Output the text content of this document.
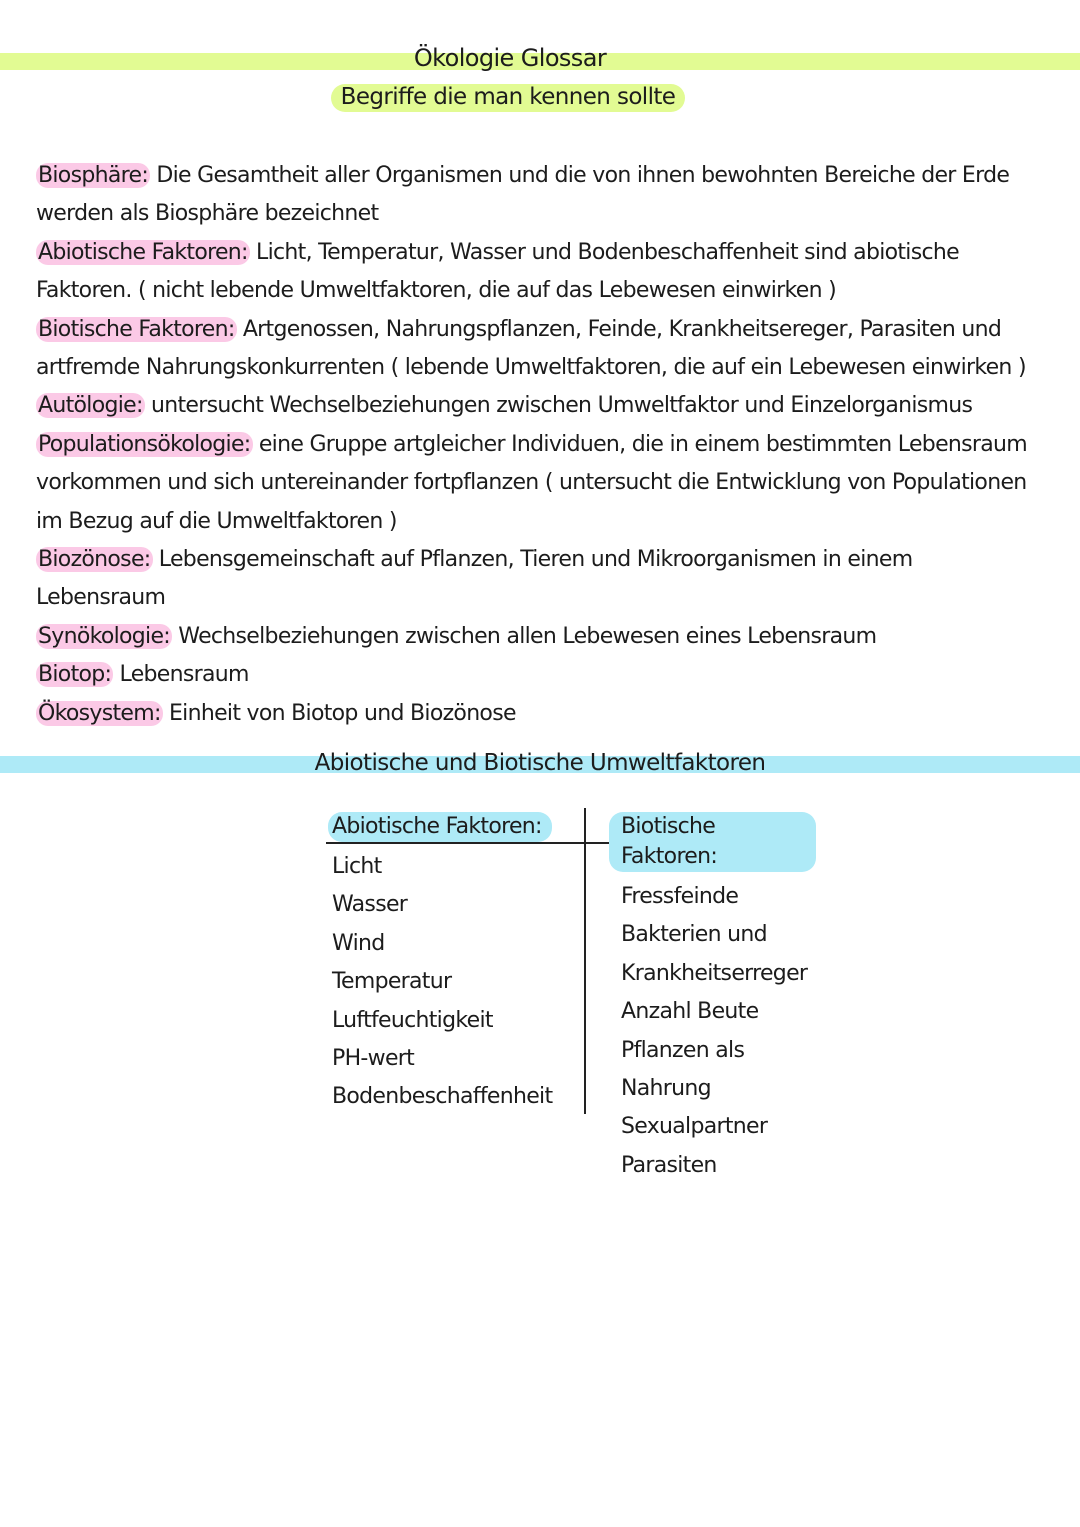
Ökologie Glossar
Begriffe die man kennen sollte

Biosphäre: Die Gesamtheit aller Organismen und die von ihnen bewohnten Bereiche der Erde werden als Biosphäre bezeichnet

Abiotische Faktoren: Licht, Temperatur, Wasser und Bodenbeschaffenheit sind abiotische Faktoren. ( nicht lebende Umweltfaktoren, die auf das Lebewesen einwirken )

Biotische Faktoren: Artgenossen, Nahrungspflanzen, Feinde, Krankheitsereger, Parasiten und artfremde Nahrungskonkurrenten ( lebende Umweltfaktoren, die auf ein Lebewesen einwirken )

Autölogie: untersucht Wechselbeziehungen zwischen Umweltfaktor und Einzelorganismus

Populationsökologie: eine Gruppe artgleicher Individuen, die in einem bestimmten Lebensraum vorkommen und sich untereinander fortpflanzen ( untersucht die Entwicklung von Populationen im Bezug auf die Umweltfaktoren )

Biozönose: Lebensgemeinschaft auf Pflanzen, Tieren und Mikroorganismen in einem Lebensraum

Synökologie: Wechselbeziehungen zwischen allen Lebewesen eines Lebensraum

Biotop: Lebensraum

Ökosystem: Einheit von Biotop und Biozönose

Abiotische und Biotische Umweltfaktoren
Abiotische Faktoren:
Licht
Wasser
Wind
Temperatur
Luftfeuchtigkeit
PH-wert
Bodenbeschaffenheit
Biotische Faktoren:
Fressfeinde
Bakterien und Krankheitserreger
Anzahl Beute
Pflanzen als Nahrung
Sexualpartner
Parasiten
